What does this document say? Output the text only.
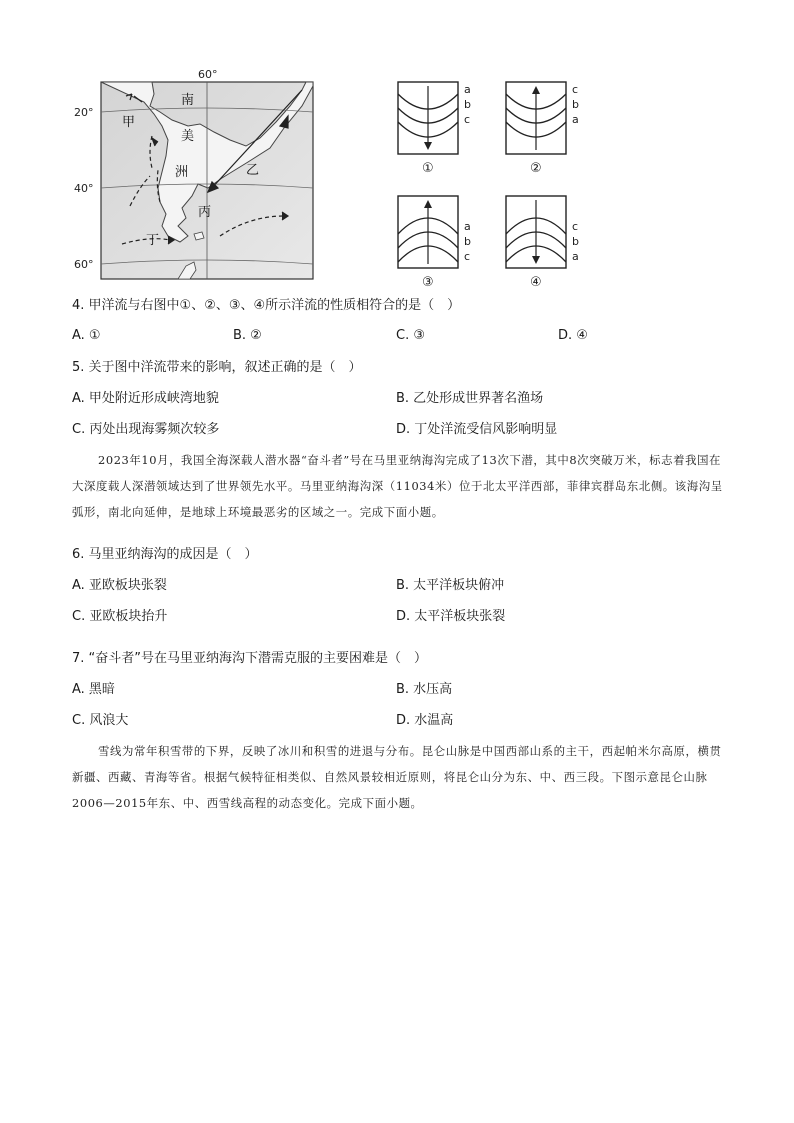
60°
20°
40°
60°
南
美
洲
甲
乙
丙
丁
a
b
c
①
c
b
a
②
a
b
c
③
c
b
a
④
4. 甲洋流与右图中①、②、③、④所示洋流的性质相符合的是（　）
A. ①	B. ②	C. ③	D. ④
5. 关于图中洋流带来的影响，叙述正确的是（　）
A. 甲处附近形成峡湾地貌	B. 乙处形成世界著名渔场
C. 丙处出现海雾频次较多	D. 丁处洋流受信风影响明显

2023年10月，我国全海深载人潜水器“奋斗者”号在马里亚纳海沟完成了13次下潜，其中8次突破万米，标志着我国在大深度载人深潜领域达到了世界领先水平。马里亚纳海沟深（11034米）位于北太平洋西部，菲律宾群岛东北侧。该海沟呈弧形，南北向延伸，是地球上环境最恶劣的区域之一。完成下面小题。

6. 马里亚纳海沟的成因是（　）
A. 亚欧板块张裂	B. 太平洋板块俯冲
C. 亚欧板块抬升	D. 太平洋板块张裂
7. “奋斗者”号在马里亚纳海沟下潜需克服的主要困难是（　）
A. 黑暗	B. 水压高
C. 风浪大	D. 水温高

雪线为常年积雪带的下界，反映了冰川和积雪的进退与分布。昆仑山脉是中国西部山系的主干，西起帕米尔高原，横贯新疆、西藏、青海等省。根据气候特征相类似、自然风景较相近原则，将昆仑山分为东、中、西三段。下图示意昆仑山脉2006—2015年东、中、西雪线高程的动态变化。完成下面小题。
